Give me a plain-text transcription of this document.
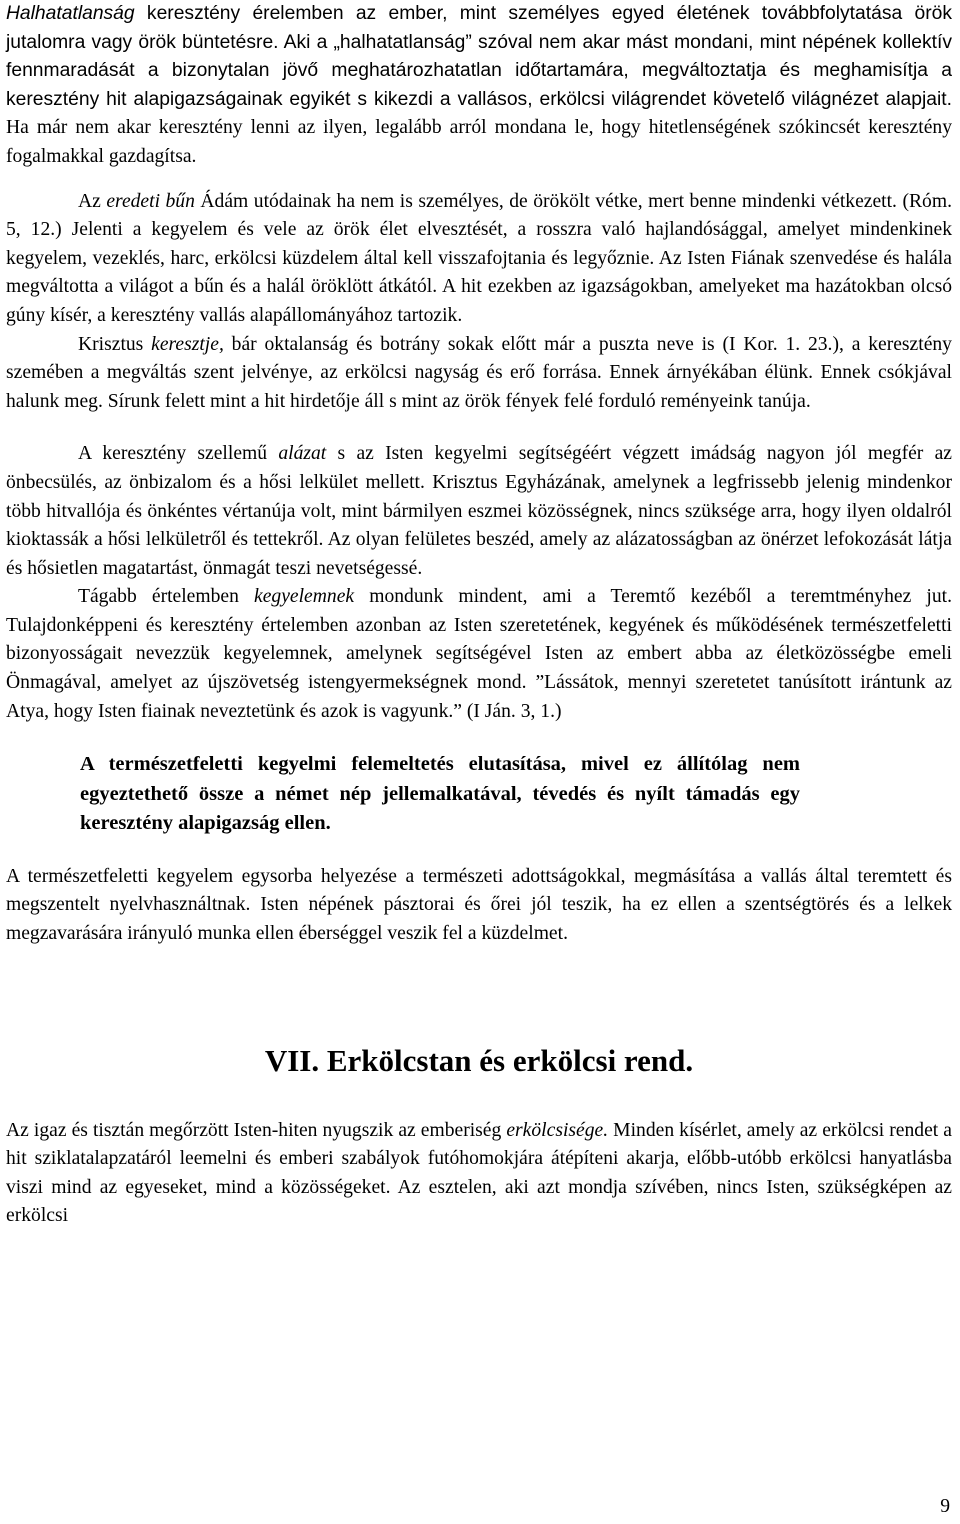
Halhatatlanság keresztény érelemben az ember, mint személyes egyed életének továbbfolytatása örök jutalomra vagy örök büntetésre. Aki a „halhatatlanság” szóval nem akar mást mondani, mint népének kollektív fennmaradását a bizonytalan jövő meghatározhatatlan időtartamára, megváltoztatja és meghamisítja a keresztény hit alapigazságainak egyikét s kikezdi a vallásos, erkölcsi világrendet követelő világnézet alapjait. Ha már nem akar keresztény lenni az ilyen, legalább arról mondana le, hogy hitetlenségének szókincsét keresztény fogalmakkal gazdagítsa.

Az eredeti bűn Ádám utódainak ha nem is személyes, de örökölt vétke, mert benne mindenki vétkezett. (Róm. 5, 12.) Jelenti a kegyelem és vele az örök élet elvesztését, a rosszra való hajlandósággal, amelyet mindenkinek kegyelem, vezeklés, harc, erkölcsi küzdelem által kell visszafojtania és legyőznie. Az Isten Fiának szenvedése és halála megváltotta a világot a bűn és a halál öröklött átkától. A hit ezekben az igazságokban, amelyeket ma hazátokban olcsó gúny kísér, a keresztény vallás alapállományához tartozik.

Krisztus keresztje, bár oktalanság és botrány sokak előtt már a puszta neve is (I Kor. 1. 23.), a keresztény szemében a megváltás szent jelvénye, az erkölcsi nagyság és erő forrása. Ennek árnyékában élünk. Ennek csókjával halunk meg. Sírunk felett mint a hit hirdetője áll s mint az örök fények felé forduló reményeink tanúja.

A keresztény szellemű alázat s az Isten kegyelmi segítségéért végzett imádság nagyon jól megfér az önbecsülés, az önbizalom és a hősi lelkület mellett. Krisztus Egyházának, amelynek a legfrissebb jelenig mindenkor több hitvallója és önkéntes vértanúja volt, mint bármilyen eszmei közösségnek, nincs szüksége arra, hogy ilyen oldalról kioktassák a hősi lelkületről és tettekről. Az olyan felületes beszéd, amely az alázatosságban az önérzet lefokozását látja és hősietlen magatartást, önmagát teszi nevetségessé.

Tágabb értelemben kegyelemnek mondunk mindent, ami a Teremtő kezéből a teremtményhez jut. Tulajdonképpeni és keresztény értelemben azonban az Isten szeretetének, kegyének és működésének természetfeletti bizonyosságait nevezzük kegyelemnek, amelynek segítségével Isten az embert abba az életközösségbe emeli Önmagával, amelyet az újszövetség istengyermekségnek mond. ”Lássátok, mennyi szeretetet tanúsított irántunk az Atya, hogy Isten fiainak neveztetünk és azok is vagyunk.” (I Ján. 3, 1.)

A természetfeletti kegyelmi felemeltetés elutasítása, mivel ez állítólag nem egyeztethető össze a német nép jellemalkatával, tévedés és nyílt támadás egy keresztény alapigazság ellen.

A természetfeletti kegyelem egysorba helyezése a természeti adottságokkal, megmásítása a vallás által teremtett és megszentelt nyelvhasználtnak. Isten népének pásztorai és őrei jól teszik, ha ez ellen a szentségtörés és a lelkek megzavarására irányuló munka ellen éberséggel veszik fel a küzdelmet.

VII. Erkölcstan és erkölcsi rend.

Az igaz és tisztán megőrzött Isten-hiten nyugszik az emberiség erkölcsisége. Minden kísérlet, amely az erkölcsi rendet a hit sziklatalapzatáról leemelni és emberi szabályok futóhomokjára átépíteni akarja, előbb-utóbb erkölcsi hanyatlásba viszi mind az egyeseket, mind a közösségeket. Az esztelen, aki azt mondja szívében, nincs Isten, szükségképen az erkölcsi

9
